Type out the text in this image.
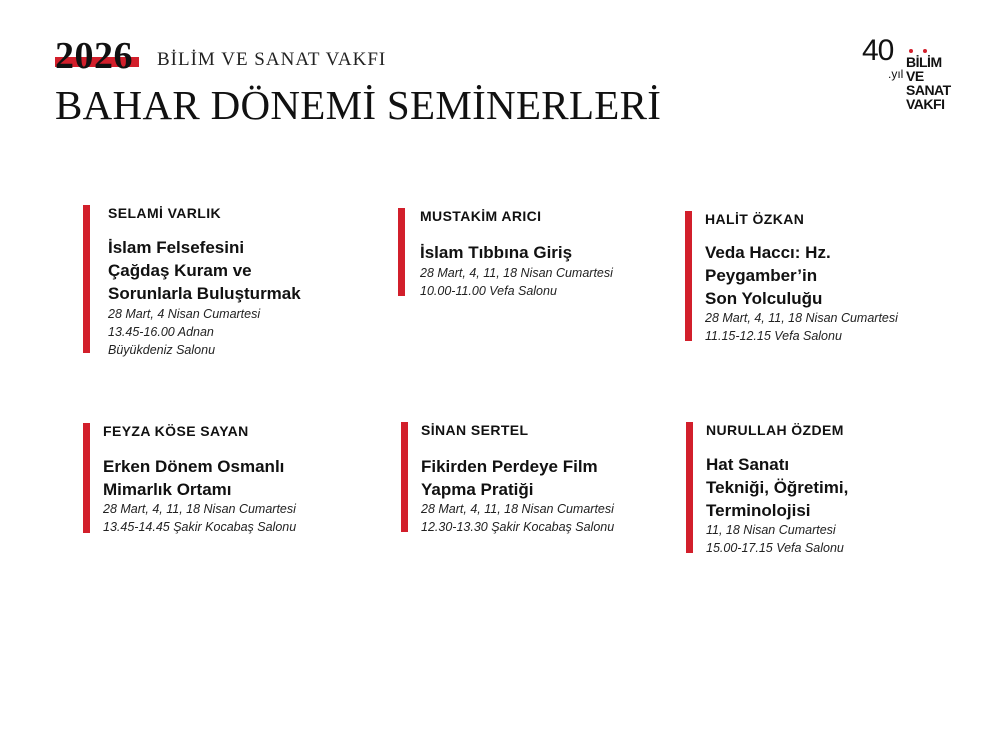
2026 BİLİM VE SANAT VAKFI
BAHAR DÖNEMİ SEMİNERLERİ
40
.yıl
BİLİM
VE
SANAT
VAKFI
SELAMİ VARLIK
İslam Felsefesini
Çağdaş Kuram ve
Sorunlarla Buluşturmak
28 Mart, 4 Nisan Cumartesi
13.45-16.00 Adnan
Büyükdeniz Salonu
MUSTAKİM ARICI
İslam Tıbbına Giriş
28 Mart, 4, 11, 18 Nisan Cumartesi
10.00-11.00 Vefa Salonu
HALİT ÖZKAN
Veda Haccı: Hz.
Peygamber’in
Son Yolculuğu
28 Mart, 4, 11, 18 Nisan Cumartesi
11.15-12.15 Vefa Salonu
FEYZA KÖSE SAYAN
Erken Dönem Osmanlı
Mimarlık Ortamı
28 Mart, 4, 11, 18 Nisan Cumartesi
13.45-14.45 Şakir Kocabaş Salonu
SİNAN SERTEL
Fikirden Perdeye Film
Yapma Pratiği
28 Mart, 4, 11, 18 Nisan Cumartesi
12.30-13.30 Şakir Kocabaş Salonu
NURULLAH ÖZDEM
Hat Sanatı
Tekniği, Öğretimi,
Terminolojisi
11, 18 Nisan Cumartesi
15.00-17.15 Vefa Salonu
